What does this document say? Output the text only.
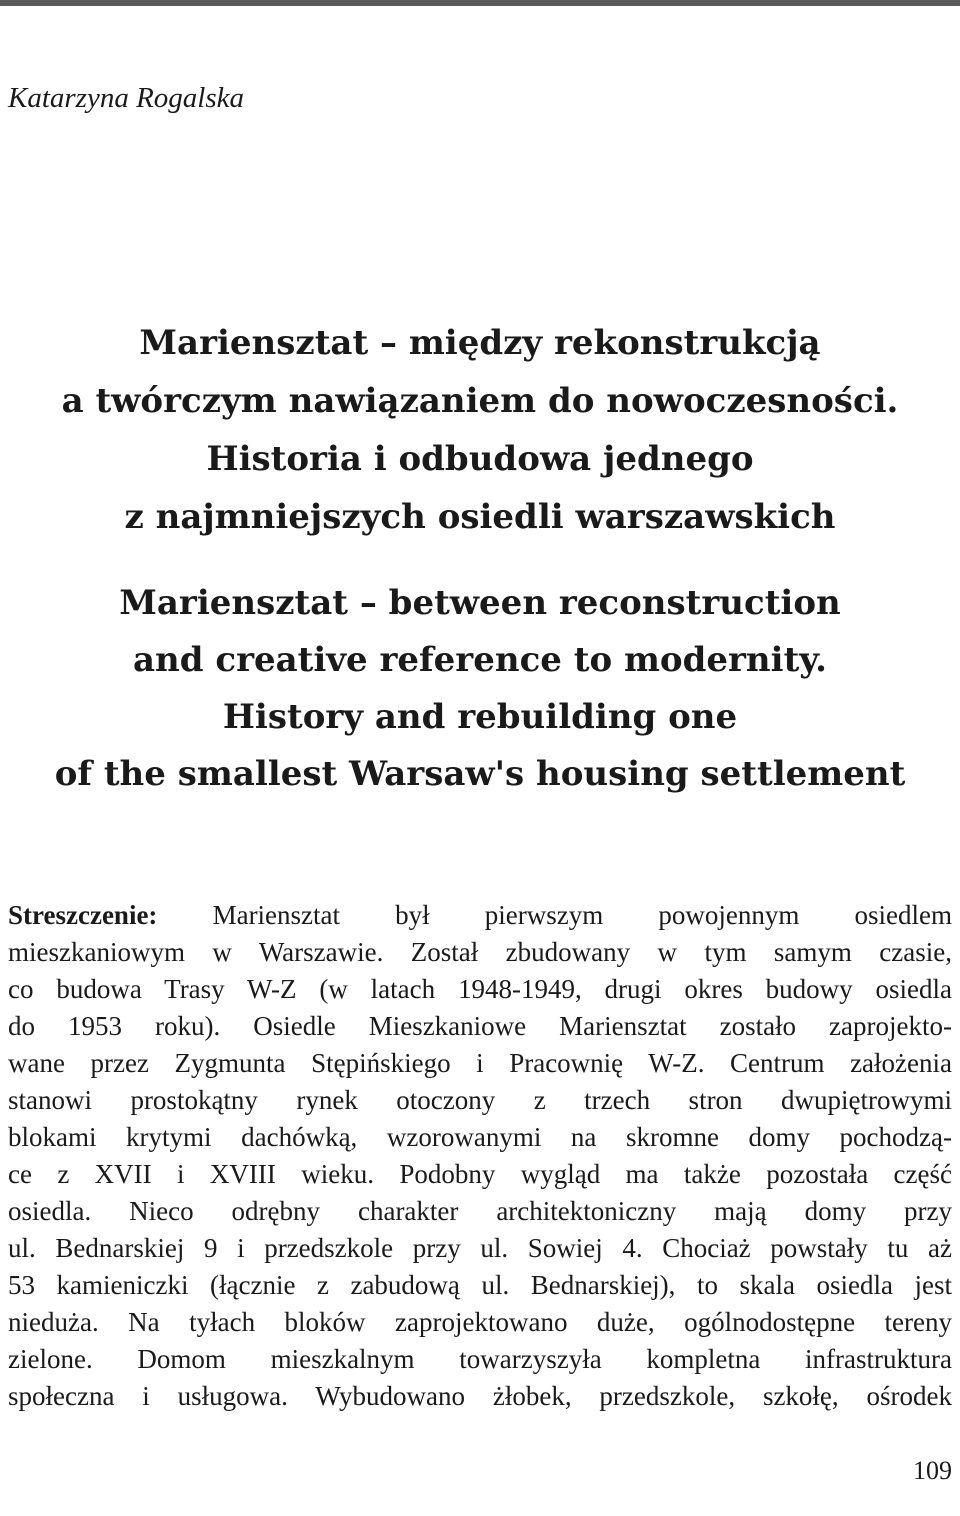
Katarzyna Rogalska

Mariensztat – między rekonstrukcją
a twórczym nawiązaniem do nowoczesności.
Historia i odbudowa jednego
z najmniejszych osiedli warszawskich
Mariensztat – between reconstruction
and creative reference to modernity.
History and rebuilding one
of the smallest Warsaw's housing settlement
Streszczenie: Mariensztat był pierwszym powojennym osiedlem
mieszkaniowym w Warszawie. Został zbudowany w tym samym czasie,
co budowa Trasy W-Z (w latach 1948-1949, drugi okres budowy osiedla
do 1953 roku). Osiedle Mieszkaniowe Mariensztat zostało zaprojekto-
wane przez Zygmunta Stępińskiego i Pracownię W-Z. Centrum założenia
stanowi prostokątny rynek otoczony z trzech stron dwupiętrowymi
blokami krytymi dachówką, wzorowanymi na skromne domy pochodzą-
ce z XVII i XVIII wieku. Podobny wygląd ma także pozostała część
osiedla. Nieco odrębny charakter architektoniczny mają domy przy
ul. Bednarskiej 9 i przedszkole przy ul. Sowiej 4. Chociaż powstały tu aż
53 kamieniczki (łącznie z zabudową ul. Bednarskiej), to skala osiedla jest
nieduża. Na tyłach bloków zaprojektowano duże, ogólnodostępne tereny
zielone. Domom mieszkalnym towarzyszyła kompletna infrastruktura
społeczna i usługowa. Wybudowano żłobek, przedszkole, szkołę, ośrodek

109
